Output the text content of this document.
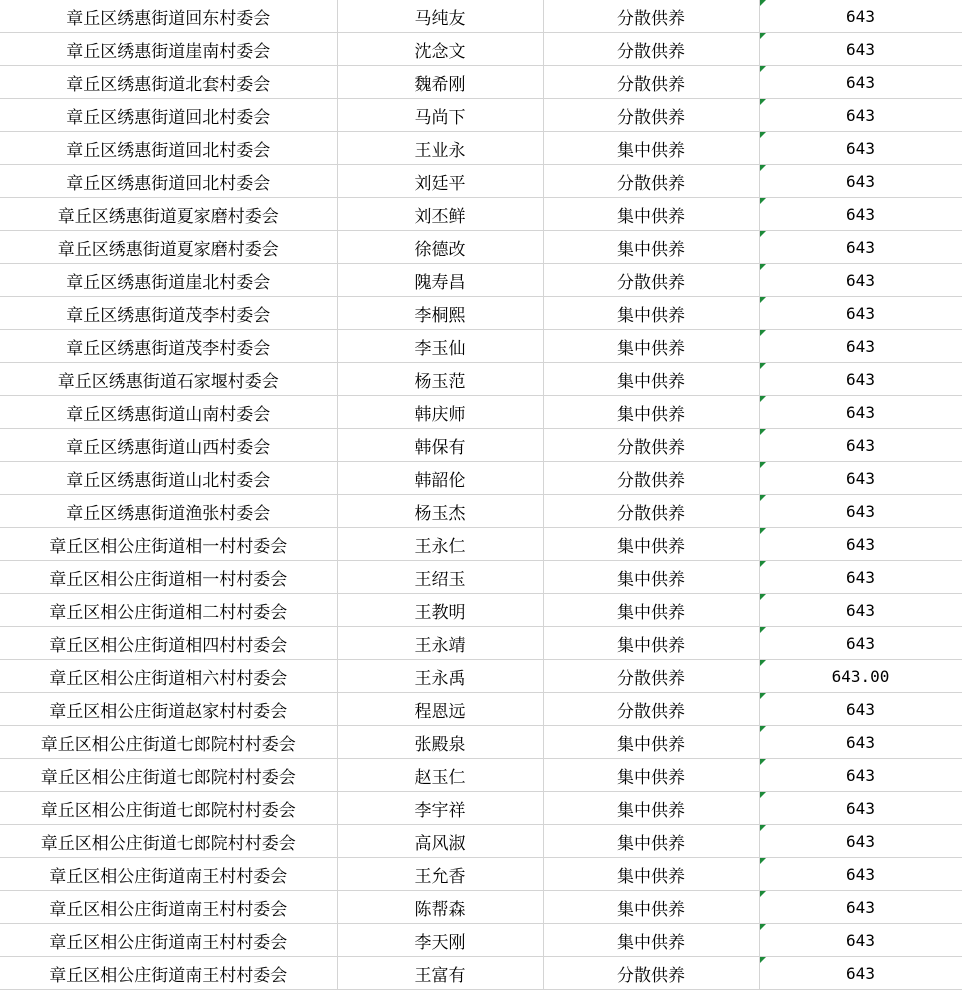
章丘区绣惠街道回东村委会	马纯友	分散供养	643
章丘区绣惠街道崖南村委会	沈念文	分散供养	643
章丘区绣惠街道北套村委会	魏希刚	分散供养	643
章丘区绣惠街道回北村委会	马尚下	分散供养	643
章丘区绣惠街道回北村委会	王业永	集中供养	643
章丘区绣惠街道回北村委会	刘廷平	分散供养	643
章丘区绣惠街道夏家磨村委会	刘丕鲜	集中供养	643
章丘区绣惠街道夏家磨村委会	徐德改	集中供养	643
章丘区绣惠街道崖北村委会	隗寿昌	分散供养	643
章丘区绣惠街道茂李村委会	李桐熙	集中供养	643
章丘区绣惠街道茂李村委会	李玉仙	集中供养	643
章丘区绣惠街道石家堰村委会	杨玉范	集中供养	643
章丘区绣惠街道山南村委会	韩庆师	集中供养	643
章丘区绣惠街道山西村委会	韩保有	分散供养	643
章丘区绣惠街道山北村委会	韩韶伦	分散供养	643
章丘区绣惠街道渔张村委会	杨玉杰	分散供养	643
章丘区相公庄街道相一村村委会	王永仁	集中供养	643
章丘区相公庄街道相一村村委会	王绍玉	集中供养	643
章丘区相公庄街道相二村村委会	王教明	集中供养	643
章丘区相公庄街道相四村村委会	王永靖	集中供养	643
章丘区相公庄街道相六村村委会	王永禹	分散供养	643.00
章丘区相公庄街道赵家村村委会	程恩远	分散供养	643
章丘区相公庄街道七郎院村村委会	张殿泉	集中供养	643
章丘区相公庄街道七郎院村村委会	赵玉仁	集中供养	643
章丘区相公庄街道七郎院村村委会	李宇祥	集中供养	643
章丘区相公庄街道七郎院村村委会	高风淑	集中供养	643
章丘区相公庄街道南王村村委会	王允香	集中供养	643
章丘区相公庄街道南王村村委会	陈帮森	集中供养	643
章丘区相公庄街道南王村村委会	李天刚	集中供养	643
章丘区相公庄街道南王村村委会	王富有	分散供养	643
